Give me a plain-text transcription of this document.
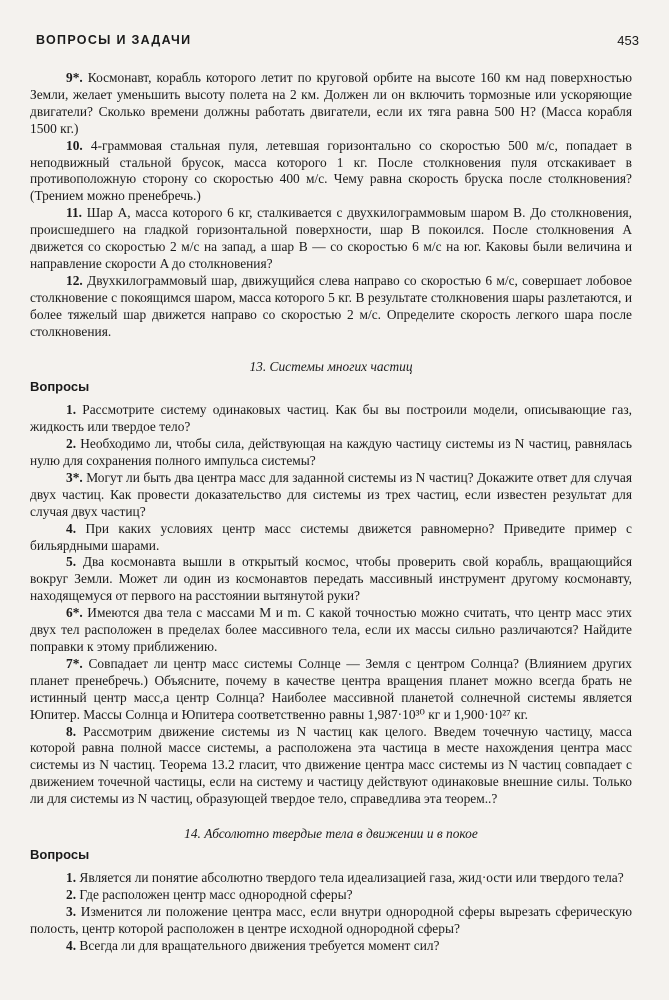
ВОПРОСЫ И ЗАДАЧИ	453

9*. Космонавт, корабль которого летит по круговой орбите на высоте 160 км над поверхностью Земли, желает уменьшить высоту полета на 2 км. Должен ли он включить тормозные или ускоряющие двигатели? Сколько времени должны работать двигатели, если их тяга равна 500 Н? (Масса корабля 1500 кг.)

10. 4-граммовая стальная пуля, летевшая горизонтально со скоростью 500 м/с, попадает в неподвижный стальной брусок, масса которого 1 кг. После столкновения пуля отскакивает в противоположную сторону со скоростью 400 м/с. Чему равна скорость бруска после столкновения? (Трением можно пренебречь.)

11. Шар A, масса которого 6 кг, сталкивается с двухкилограммовым шаром B. До столкновения, происшедшего на гладкой горизонтальной поверхности, шар B покоился. После столкновения A движется со скоростью 2 м/с на запад, а шар B — со скоростью 6 м/с на юг. Каковы были величина и направление скорости A до столкновения?

12. Двухкилограммовый шар, движущийся слева направо со скоростью 6 м/с, совершает лобовое столкновение с покоящимся шаром, масса которого 5 кг. В результате столкновения шары разлетаются, и более тяжелый шар движется направо со скоростью 2 м/с. Определите скорость легкого шара после столкновения.

13. Системы многих частиц
Вопросы

1. Рассмотрите систему одинаковых частиц. Как бы вы построили модели, описывающие газ, жидкость или твердое тело?

2. Необходимо ли, чтобы сила, действующая на каждую частицу системы из N частиц, равнялась нулю для сохранения полного импульса системы?

3*. Могут ли быть два центра масс для заданной системы из N частиц? Докажите ответ для случая двух частиц. Как провести доказательство для системы из трех частиц, если известен результат для случая двух частиц?

4. При каких условиях центр масс системы движется равномерно? Приведите пример с бильярдными шарами.

5. Два космонавта вышли в открытый космос, чтобы проверить свой корабль, вращающийся вокруг Земли. Может ли один из космонавтов передать массивный инструмент другому космонавту, находящемуся от первого на расстоянии вытянутой руки?

6*. Имеются два тела с массами M и m. С какой точностью можно считать, что центр масс этих двух тел расположен в пределах более массивного тела, если их массы сильно различаются? Найдите поправки к этому приближению.

7*. Совпадает ли центр масс системы Солнце — Земля с центром Солнца? (Влиянием других планет пренебречь.) Объясните, почему в качестве центра вращения планет можно всегда брать не истинный центр масс,а центр Солнца? Наиболее массивной планетой солнечной системы является Юпитер. Массы Солнца и Юпитера соответственно равны 1,987·10³⁰ кг и 1,900·10²⁷ кг.

8. Рассмотрим движение системы из N частиц как целого. Введем точечную частицу, масса которой равна полной массе системы, а расположена эта частица в месте нахождения центра масс системы из N частиц. Теорема 13.2 гласит, что движение центра масс системы из N частиц совпадает с движением точечной частицы, если на систему и частицу действуют одинаковые внешние силы. Только ли для системы из N частиц, образующей твердое тело, справедлива эта теорем..?

14. Абсолютно твердые тела в движении и в покое
Вопросы

1. Является ли понятие абсолютно твердого тела идеализацией газа, жид·ости или твердого тела?

2. Где расположен центр масс однородной сферы?

3. Изменится ли положение центра масс, если внутри однородной сферы вырезать сферическую полость, центр которой расположен в центре исходной однородной сферы?

4. Всегда ли для вращательного движения требуется момент сил?
